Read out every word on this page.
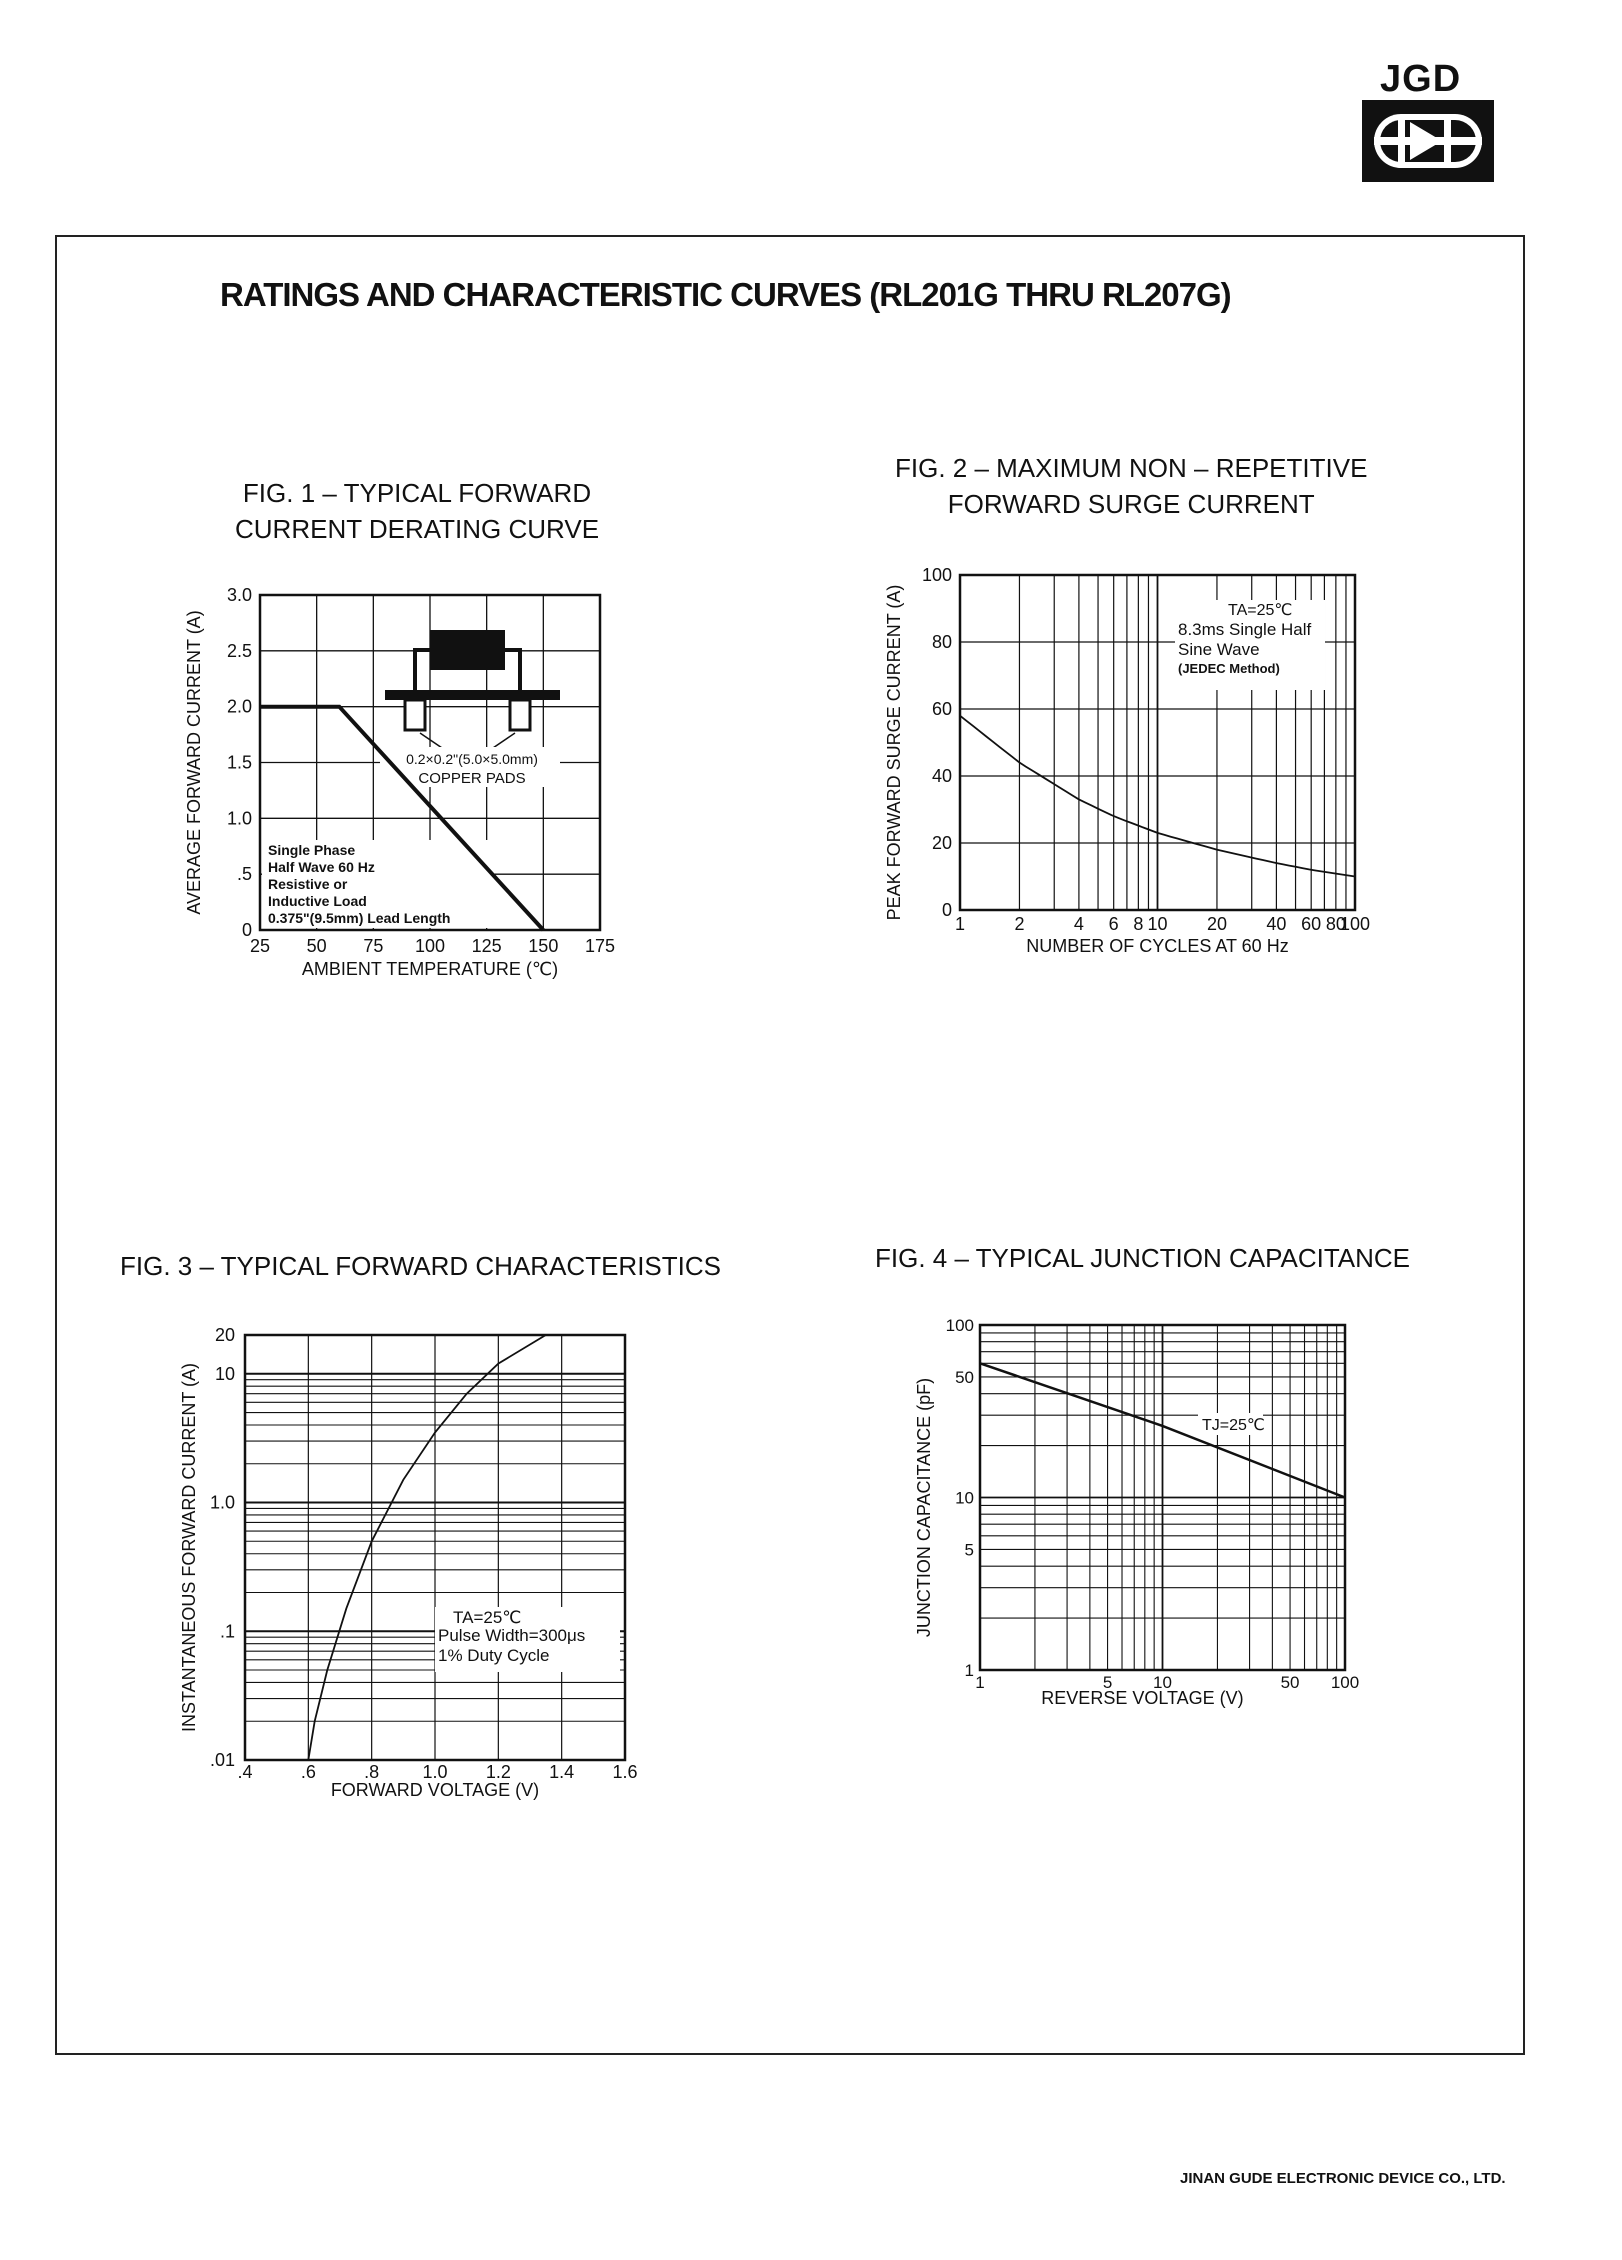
JGD
RATINGS AND CHARACTERISTIC CURVES (RL201G THRU RL207G)
FIG. 1 – TYPICAL FORWARD
CURRENT DERATING CURVE
FIG. 2 – MAXIMUM NON – REPETITIVE
FORWARD SURGE CURRENT
FIG. 3 – TYPICAL FORWARD CHARACTERISTICS	FIG. 4 – TYPICAL JUNCTION CAPACITANCE
25 50 75 100 125 150 175
0
.5
1.0
1.5
2.0
2.5
3.0
0.2×0.2"(5.0×5.0mm)
COPPER PADS
Single Phase
Half Wave 60 Hz
Resistive or
Inductive Load
0.375"(9.5mm) Lead Length
AMBIENT TEMPERATURE (℃)
AVERAGE FORWARD CURRENT (A)
1	2	4 6 8 10 20 40 60 80
100
0
20
40
60
80
100
TA=25℃
8.3ms Single Half
Sine Wave
(JEDEC Method)
NUMBER OF CYCLES AT 60 Hz
PEAK FORWARD SURGE CURRENT (A)
.4	.6	.8 1.0 1.2 1.4 1.6
.01
.1
1.0
10
20
TA=25℃
Pulse Width=300μs
1% Duty Cycle
FORWARD VOLTAGE (V)
INSTANTANEOUS FORWARD CURRENT (A)	1
1
5
5
10
10
50
50
100
100
TJ=25℃
REVERSE VOLTAGE (V)
JUNCTION CAPACITANCE (pF)
JINAN GUDE ELECTRONIC DEVICE CO., LTD.
